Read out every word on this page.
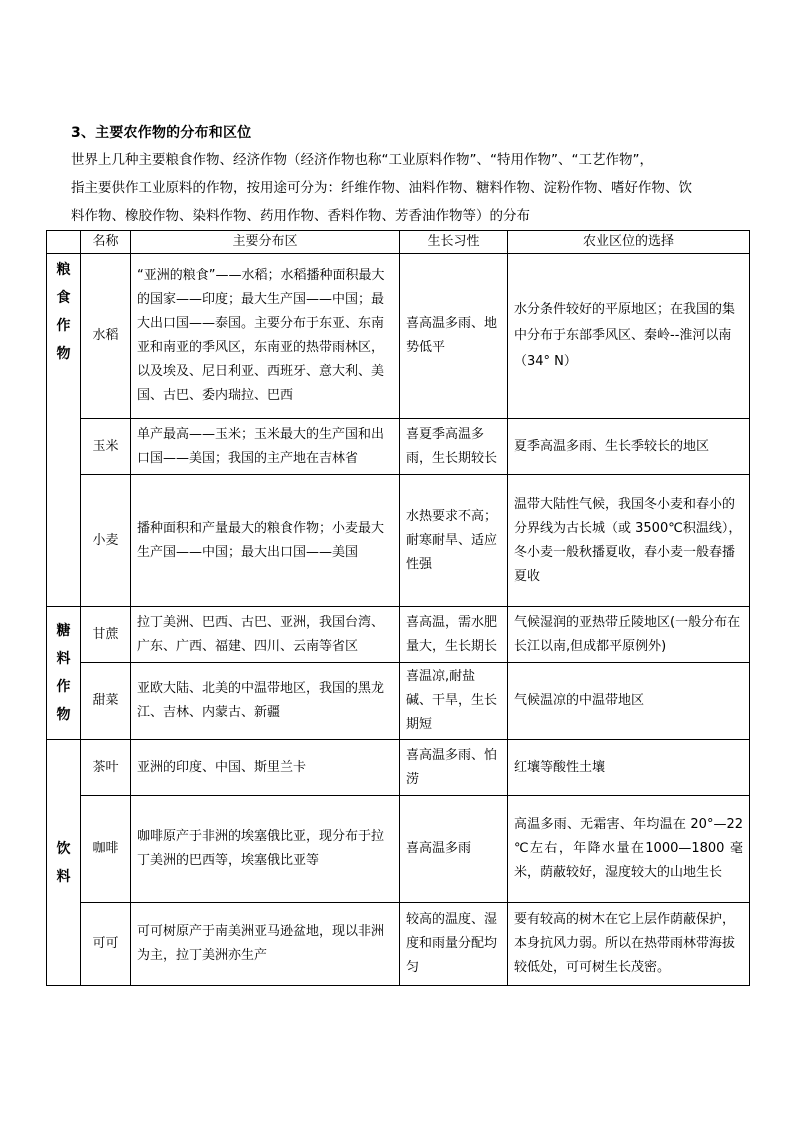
3、主要农作物的分布和区位
世界上几种主要粮食作物、经济作物（经济作物也称“工业原料作物”、“特用作物”、“工艺作物”，
指主要供作工业原料的作物，按用途可分为：纤维作物、油料作物、糖料作物、淀粉作物、嗜好作物、饮
料作物、橡胶作物、染料作物、药用作物、香料作物、芳香油作物等）的分布
	名称	主要分布区	生长习性	农业区位的选择

粮
食
作
物	水稻	“亚洲的粮食”——水稻；水稻播种面积最大的国家——印度；最大生产国——中国；最大出口国——泰国。主要分布于东亚、东南亚和南亚的季风区，东南亚的热带雨林区，以及埃及、尼日利亚、西班牙、意大利、美国、古巴、委内瑞拉、巴西	喜高温多雨、地势低平	水分条件较好的平原地区；在我国的集中分布于东部季风区、秦岭--淮河以南（34° N）
	玉米	单产最高——玉米；玉米最大的生产国和出口国——美国；我国的主产地在吉林省	喜夏季高温多雨，生长期较长	夏季高温多雨、生长季较长的地区
	小麦	播种面积和产量最大的粮食作物；小麦最大生产国——中国；最大出口国——美国	水热要求不高；耐寒耐旱、适应性强	温带大陆性气候，我国冬小麦和春小的分界线为古长城（或 3500℃积温线），冬小麦一般秋播夏收，春小麦一般春播夏收

糖
料
作
物	甘蔗	拉丁美洲、巴西、古巴、亚洲，我国台湾、广东、广西、福建、四川、云南等省区	喜高温，需水肥量大，生长期长	气候湿润的亚热带丘陵地区(一般分布在长江以南,但成都平原例外)
	甜菜	亚欧大陆、北美的中温带地区，我国的黑龙江、吉林、内蒙古、新疆	喜温凉,耐盐碱、干旱，生长期短	气候温凉的中温带地区

饮
料	茶叶	亚洲的印度、中国、斯里兰卡	喜高温多雨、怕涝	红壤等酸性土壤
	咖啡	咖啡原产于非洲的埃塞俄比亚，现分布于拉丁美洲的巴西等，埃塞俄比亚等	喜高温多雨	高温多雨、无霜害、年均温在 20°—22 ℃左右，年降水量在1000—1800 毫米，荫蔽较好，湿度较大的山地生长
	可可	可可树原产于南美洲亚马逊盆地，现以非洲为主，拉丁美洲亦生产	较高的温度、湿度和雨量分配均匀	要有较高的树木在它上层作荫蔽保护，本身抗风力弱。所以在热带雨林带海拔较低处，可可树生长茂密。
